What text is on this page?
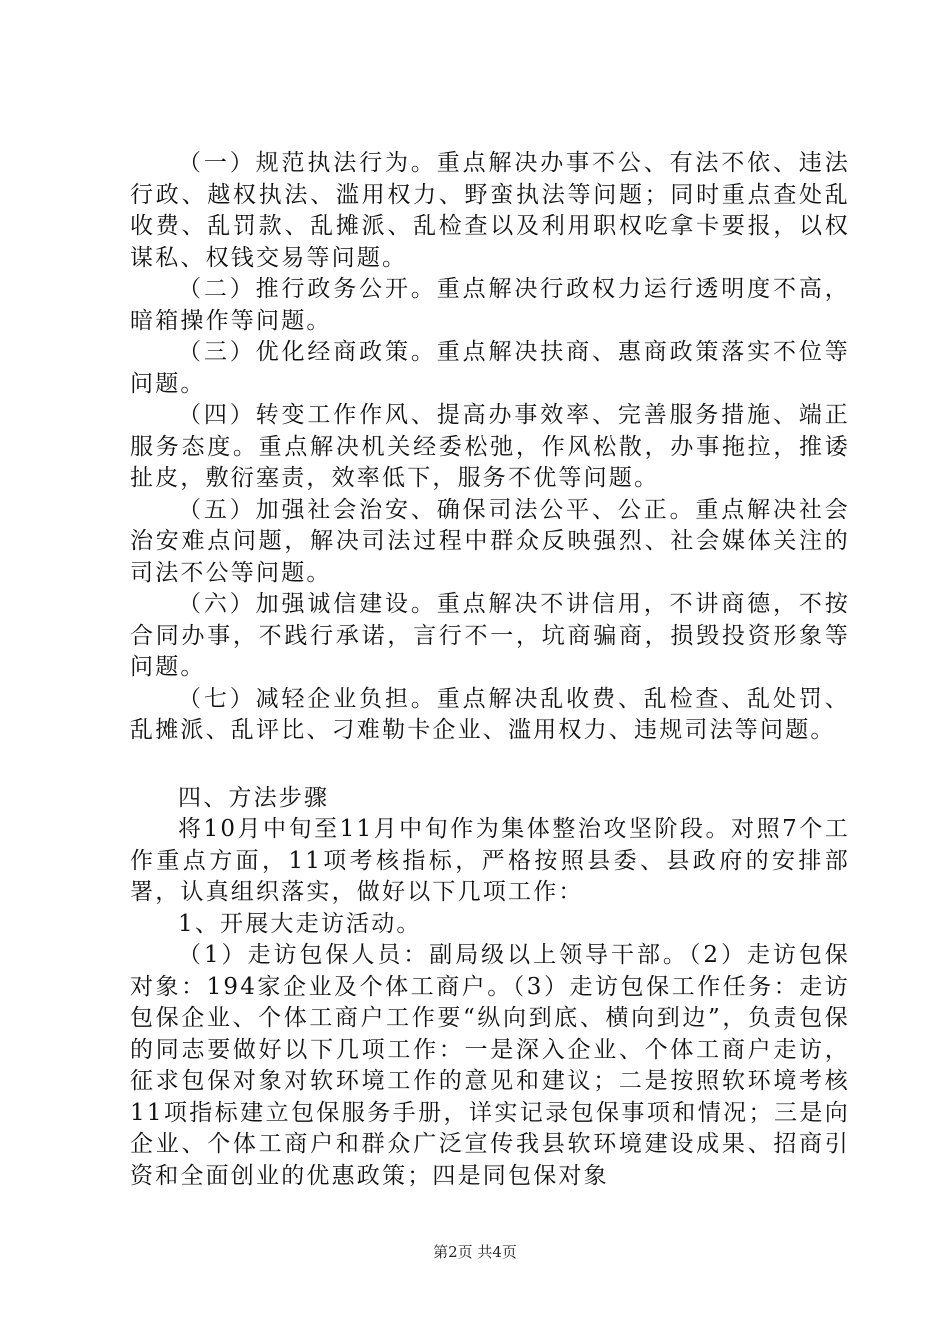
（一）规范执法行为。重点解决办事不公、有法不依、违法行政、越权执法、滥用权力、野蛮执法等问题；同时重点查处乱收费、乱罚款、乱摊派、乱检查以及利用职权吃拿卡要报，以权谋私、权钱交易等问题。

（二）推行政务公开。重点解决行政权力运行透明度不高，暗箱操作等问题。

（三）优化经商政策。重点解决扶商、惠商政策落实不位等问题。

（四）转变工作作风、提高办事效率、完善服务措施、端正服务态度。重点解决机关经委松弛，作风松散，办事拖拉，推诿扯皮，敷衍塞责，效率低下，服务不优等问题。

（五）加强社会治安、确保司法公平、公正。重点解决社会治安难点问题，解决司法过程中群众反映强烈、社会媒体关注的司法不公等问题。

（六）加强诚信建设。重点解决不讲信用，不讲商德，不按合同办事，不践行承诺，言行不一，坑商骗商，损毁投资形象等问题。

（七）减轻企业负担。重点解决乱收费、乱检查、乱处罚、乱摊派、乱评比、刁难勒卡企业、滥用权力、违规司法等问题。

四、方法步骤

将10月中旬至11月中旬作为集体整治攻坚阶段。对照7个工作重点方面，11项考核指标，严格按照县委、县政府的安排部署，认真组织落实，做好以下几项工作：

1、开展大走访活动。

（1）走访包保人员：副局级以上领导干部。（2）走访包保对象：194家企业及个体工商户。（3）走访包保工作任务：走访包保企业、个体工商户工作要“纵向到底、横向到边”，负责包保的同志要做好以下几项工作：一是深入企业、个体工商户走访，征求包保对象对软环境工作的意见和建议；二是按照软环境考核11项指标建立包保服务手册，详实记录包保事项和情况；三是向企业、个体工商户和群众广泛宣传我县软环境建设成果、招商引资和全面创业的优惠政策；四是同包保对象

第2页 共4页
